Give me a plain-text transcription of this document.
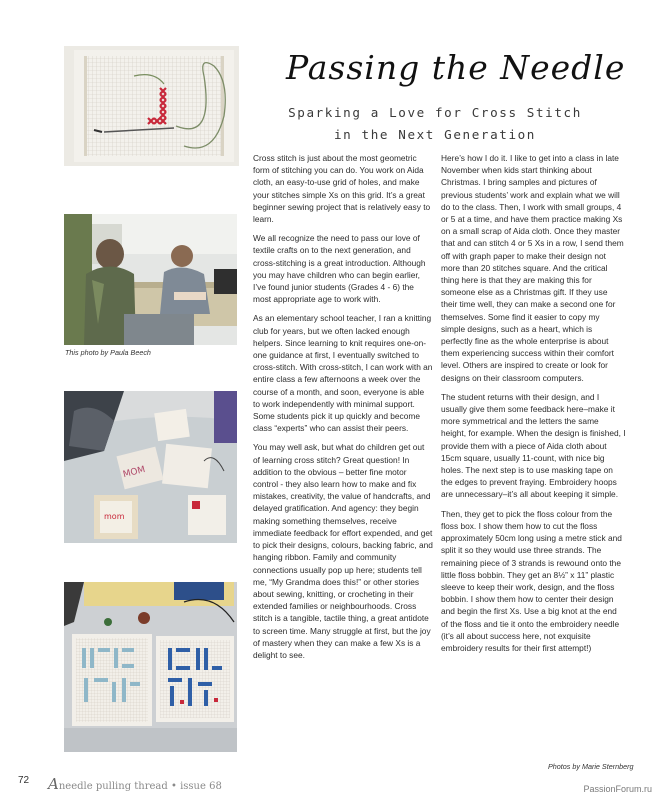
This photo by Paula Beech
MOM
mom
Passing the Needle
Sparking a Love for Cross Stitch
in the Next Generation

Cross stitch is just about the most geometric form of stitching you can do. You work on Aida cloth, an easy-to-use grid of holes, and make your stitches simple Xs on this grid. It’s a great beginner sewing project that is relatively easy to learn.

We all recognize the need to pass our love of textile crafts on to the next generation, and cross-stitching is a great introduction. Although you may have children who can begin earlier, I’ve found junior students (Grades 4 - 6) the most appropriate age to work with.

As an elementary school teacher, I ran a knitting club for years, but we often lacked enough helpers. Since learning to knit requires one-on-one guidance at first, I eventually switched to cross-stitch. With cross-stitch, I can work with an entire class a few afternoons a week over the course of a month, and soon, everyone is able to work independently with minimal support. Some students pick it up quickly and become class “experts” who can assist their peers.

You may well ask, but what do children get out of learning cross stitch? Great question! In addition to the obvious – better fine motor control - they also learn how to make and fix mistakes, creativity, the value of handcrafts, and delayed gratification. And agency: they begin making something themselves, receive immediate feedback for effort expended, and get to pick their designs, colours, backing fabric, and hanging ribbon. Family and community connections usually pop up here; students tell me, “My Grandma does this!” or other stories about sewing, knitting, or crocheting in their extended families or neighbourhoods. Cross stitch is a tangible, tactile thing, a great antidote to screen time. Many struggle at first, but the joy of mastery when they can make a few Xs is a delight to see.

Here’s how I do it. I like to get into a class in late November when kids start thinking about Christmas. I bring samples and pictures of previous students’ work and explain what we will do to the class. Then, I work with small groups, 4 or 5 at a time, and have them practice making Xs on a small scrap of Aida cloth. Once they master that and can stitch 4 or 5 Xs in a row, I send them off with graph paper to make their design not more than 20 stitches square. And the critical thing here is that they are making this for someone else as a Christmas gift. If they use their time well, they can make a second one for themselves. Some find it easier to copy my simple designs, such as a heart, which is perfectly fine as the whole enterprise is about them experiencing success within their comfort level. Others are inspired to create or look for designs on their classroom computers.

The student returns with their design, and I usually give them some feedback here–make it more symmetrical and the letters the same height, for example. When the design is finished, I provide them with a piece of Aida cloth about 15cm square, usually 11-count, with nice big holes. The next step is to use masking tape on the edges to prevent fraying. Embroidery hoops are unnecessary–it’s all about keeping it simple.

Then, they get to pick the floss colour from the floss box. I show them how to cut the floss approximately 50cm long using a metre stick and split it so they would use three strands. The remaining piece of 3 strands is rewound onto the little floss bobbin. They get an 8½” x 11” plastic sleeve to keep their work, design, and the floss bobbin. I show them how to center their design and begin the first Xs. Use a big knot at the end of the floss and tie it onto the embroidery needle (it’s all about success here, not exquisite embroidery results for their first attempt!)

Photos by Marie Sternberg
72 Aneedle pulling thread • issue 68	PassionForum.ru
